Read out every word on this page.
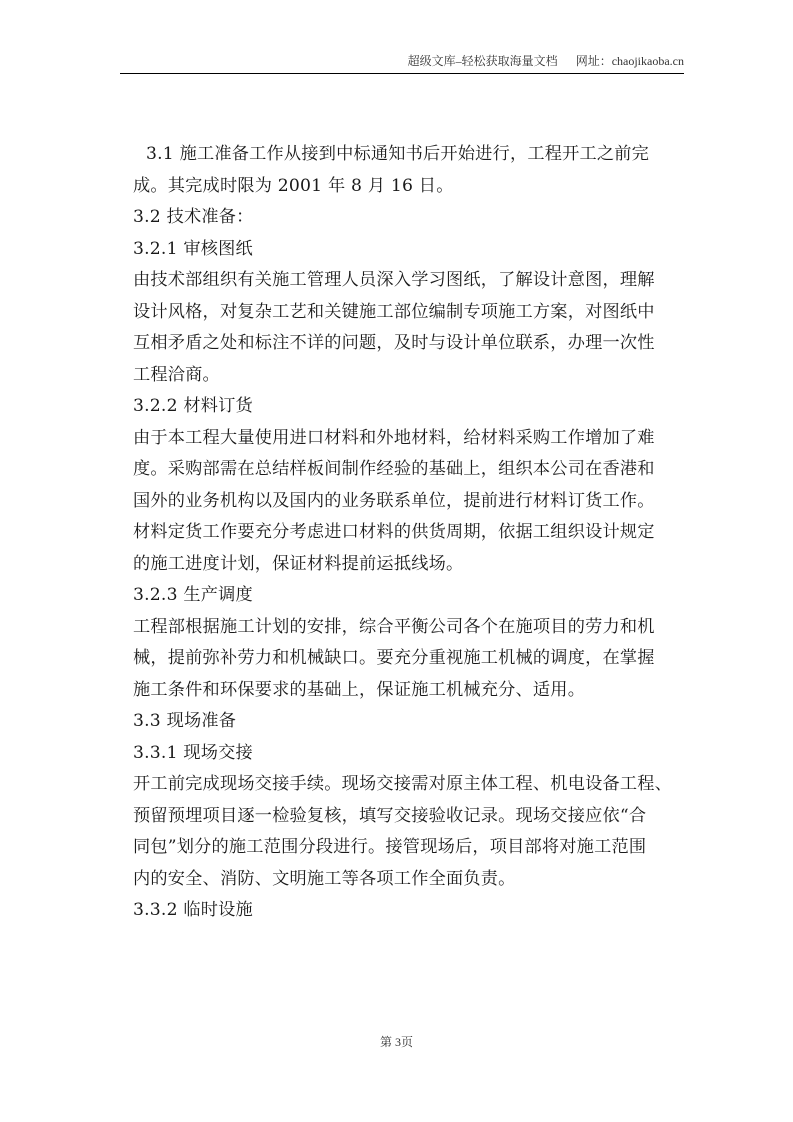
超级文库–轻松获取海量文档 网址：chaojikaoba.cn
3.1 施工准备工作从接到中标通知书后开始进行，工程开工之前完
成。其完成时限为 2001 年 8 月 16 日。
3.2 技术准备：
3.2.1 审核图纸
由技术部组织有关施工管理人员深入学习图纸，了解设计意图，理解
设计风格，对复杂工艺和关键施工部位编制专项施工方案，对图纸中
互相矛盾之处和标注不详的问题，及时与设计单位联系，办理一次性
工程洽商。
3.2.2 材料订货
由于本工程大量使用进口材料和外地材料，给材料采购工作增加了难
度。采购部需在总结样板间制作经验的基础上，组织本公司在香港和
国外的业务机构以及国内的业务联系单位，提前进行材料订货工作。
材料定货工作要充分考虑进口材料的供货周期，依据工组织设计规定
的施工进度计划，保证材料提前运抵线场。
3.2.3 生产调度
工程部根据施工计划的安排，综合平衡公司各个在施项目的劳力和机
械，提前弥补劳力和机械缺口。要充分重视施工机械的调度，在掌握
施工条件和环保要求的基础上，保证施工机械充分、适用。
3.3 现场准备
3.3.1 现场交接
开工前完成现场交接手续。现场交接需对原主体工程、机电设备工程、
预留预埋项目逐一检验复核，填写交接验收记录。现场交接应依“合
同包”划分的施工范围分段进行。接管现场后，项目部将对施工范围
内的安全、消防、文明施工等各项工作全面负责。
3.3.2 临时设施
第 3页
